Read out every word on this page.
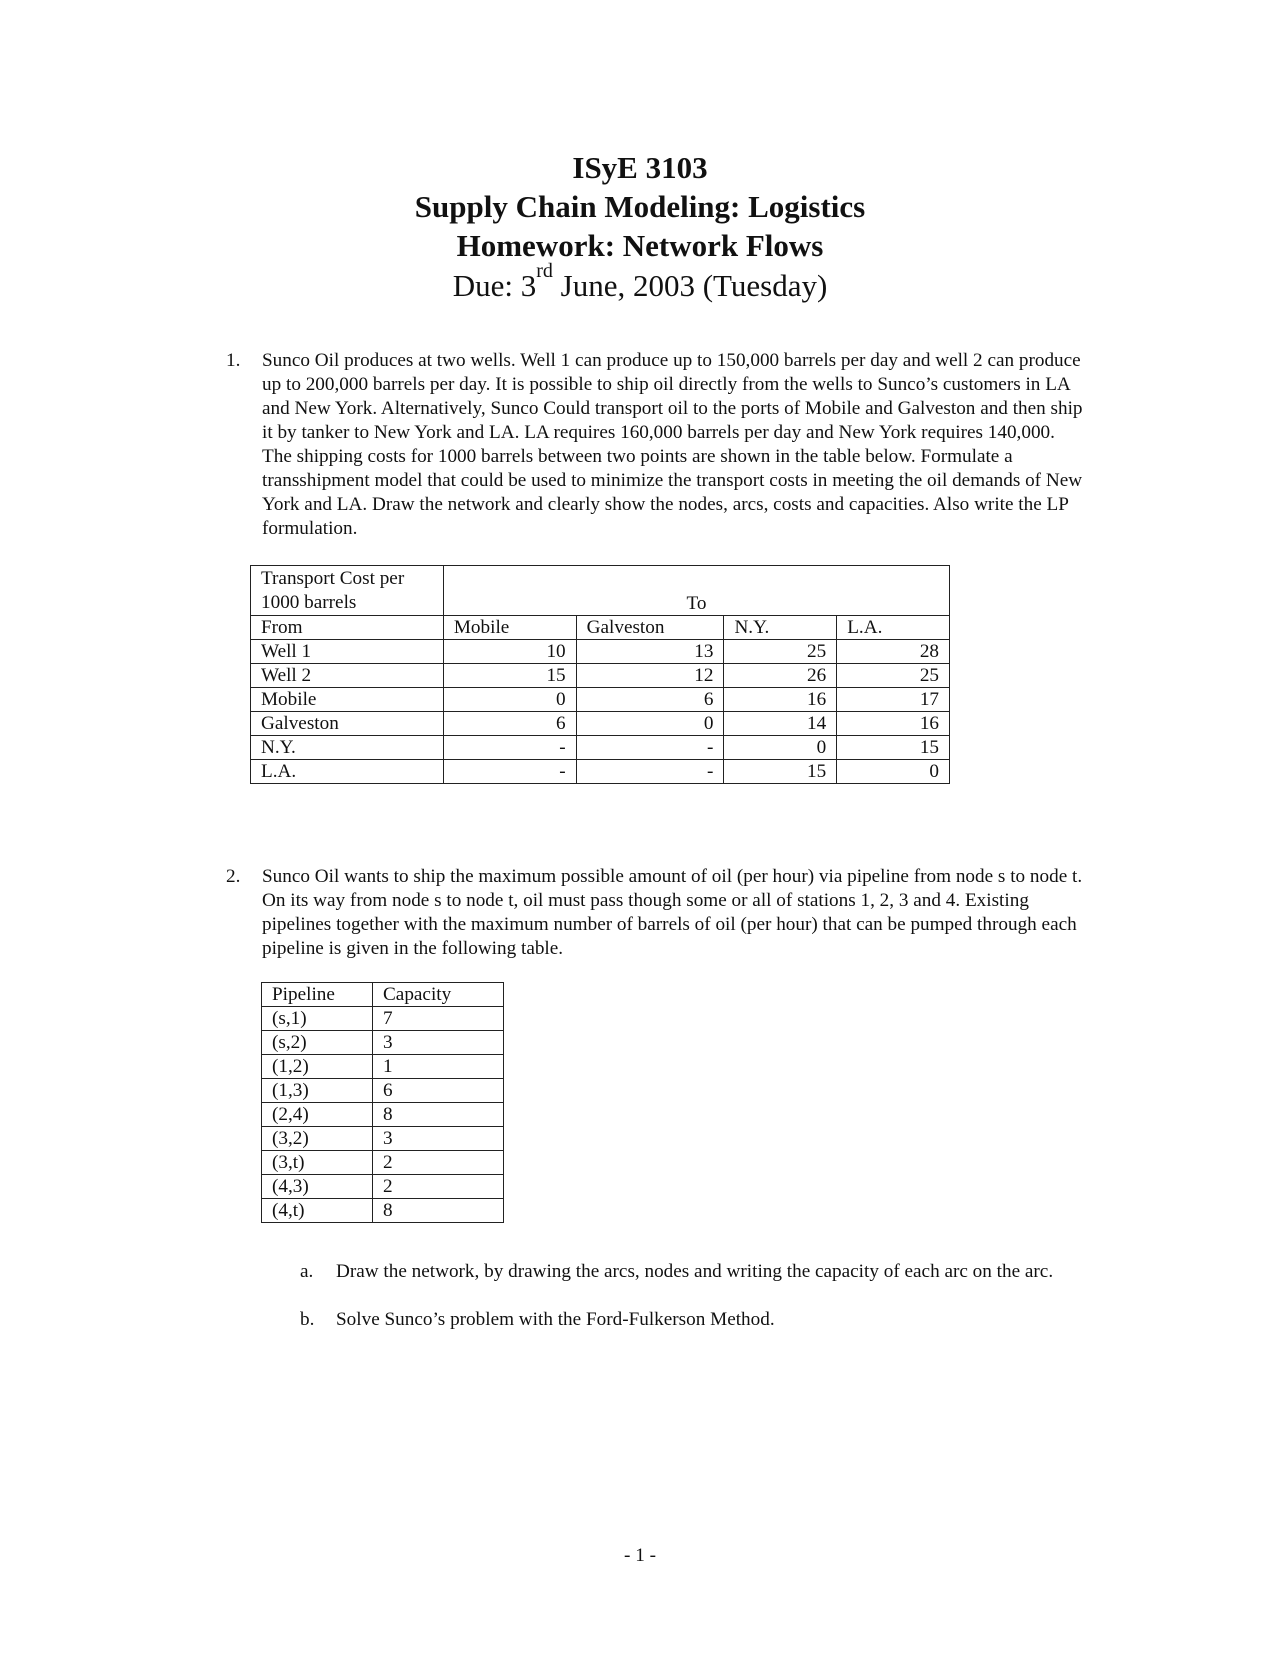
ISyE 3103
Supply Chain Modeling: Logistics
Homework: Network Flows
Due: 3rd June, 2003 (Tuesday)
1. Sunco Oil produces at two wells. Well 1 can produce up to 150,000 barrels per day and well 2 can produce up to 200,000 barrels per day. It is possible to ship oil directly from the wells to Sunco’s customers in LA and New York. Alternatively, Sunco Could transport oil to the ports of Mobile and Galveston and then ship it by tanker to New York and LA. LA requires 160,000 barrels per day and New York requires 140,000. The shipping costs for 1000 barrels between two points are shown in the table below. Formulate a transshipment model that could be used to minimize the transport costs in meeting the oil demands of New York and LA. Draw the network and clearly show the nodes, arcs, costs and capacities. Also write the LP formulation.
Transport Cost per
1000 barrels	To			
From	Mobile	Galveston	N.Y.	L.A.
Well 1	10	13	25	28
Well 2	15	12	26	25
Mobile	0	6	16	17
Galveston	6	0	14	16
N.Y.	-	-	0	15
L.A.	-	-	15	0
2. Sunco Oil wants to ship the maximum possible amount of oil (per hour) via pipeline from node s to node t. On its way from node s to node t, oil must pass though some or all of stations 1, 2, 3 and 4. Existing pipelines together with the maximum number of barrels of oil (per hour) that can be pumped through each pipeline is given in the following table.
Pipeline	Capacity
(s,1)	7
(s,2)	3
(1,2)	1
(1,3)	6
(2,4)	8
(3,2)	3
(3,t)	2
(4,3)	2
(4,t)	8
a. Draw the network, by drawing the arcs, nodes and writing the capacity of each arc on the arc.
b. Solve Sunco’s problem with the Ford-Fulkerson Method.
- 1 -
